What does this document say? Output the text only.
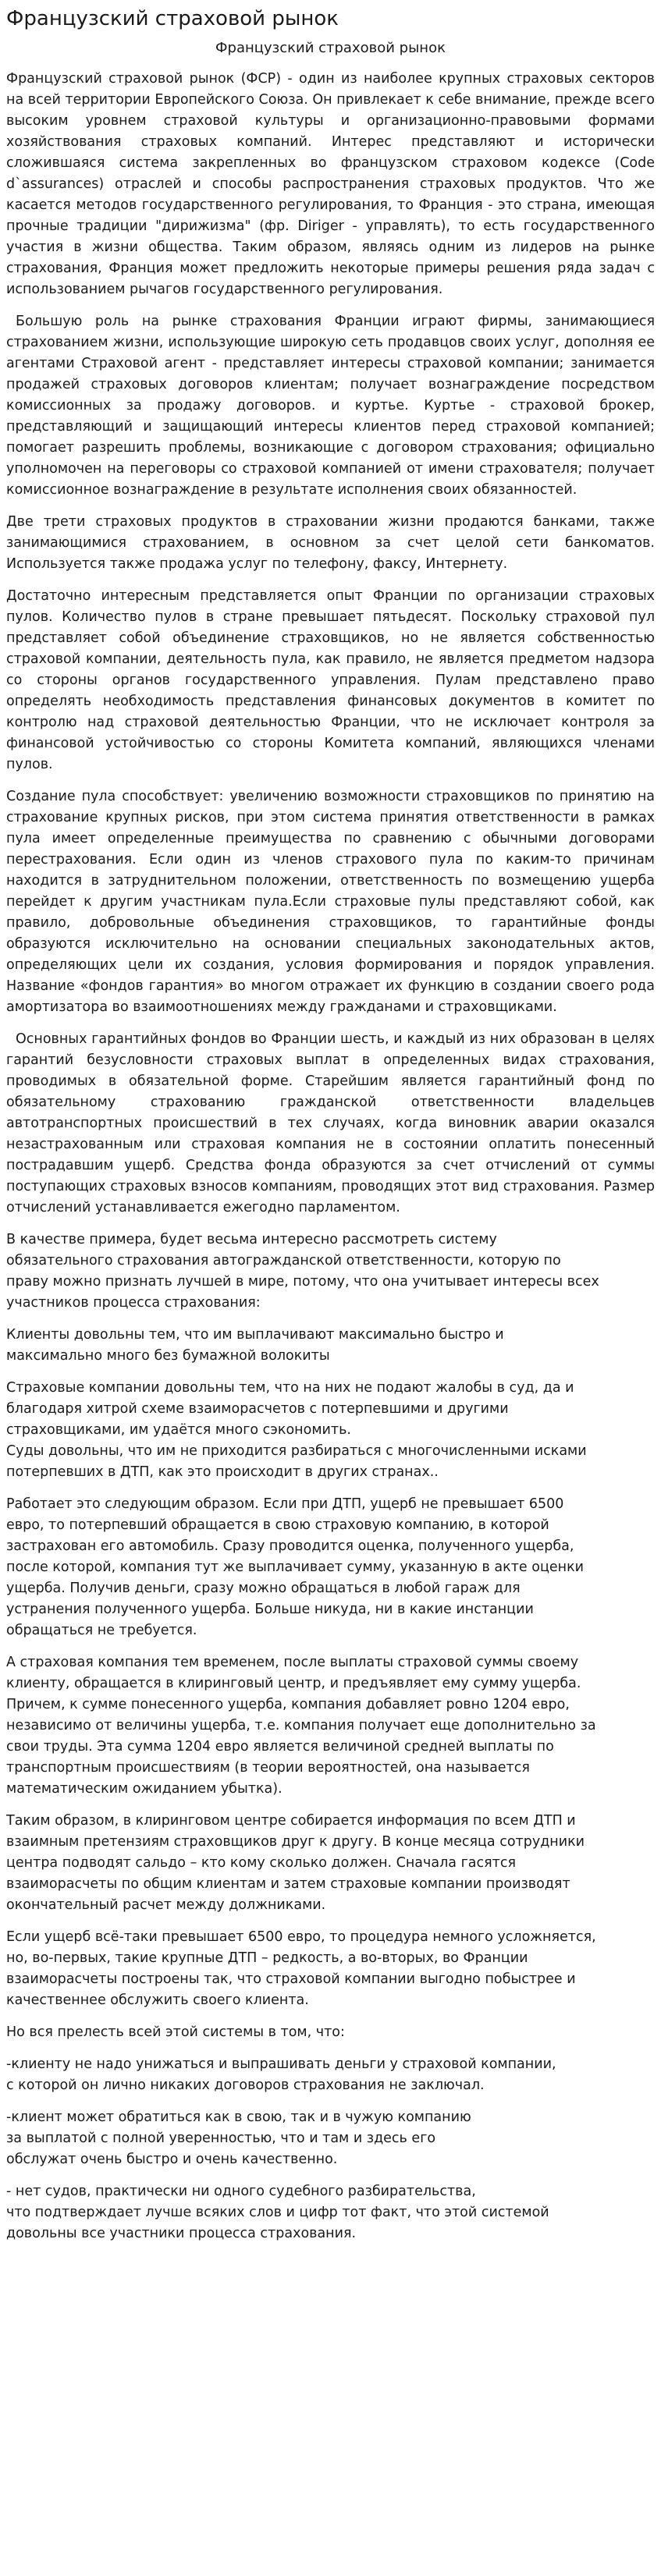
Французский страховой рынок
Французский страховой рынок

Французский страховой рынок (ФСР) - один из наиболее крупных страховых секторов на всей территории Европейского Союза. Он привлекает к себе внимание, прежде всего высоким уровнем страховой культуры и организационно-правовыми формами хозяйствования страховых компаний. Интерес представляют и исторически сложившаяся система закрепленных во французском страховом кодексе (Code d`assurances) отраслей и способы распространения страховых продуктов. Что же касается методов государственного регулирования, то Франция - это страна, имеющая прочные традиции "дирижизма" (фр. Diriger - управлять), то есть государственного участия в жизни общества. Таким образом, являясь одним из лидеров на рынке страхования, Франция может предложить некоторые примеры решения ряда задач с использованием рычагов государственного регулирования.

Большую роль на рынке страхования Франции играют фирмы, занимающиеся страхованием жизни, использующие широкую сеть продавцов своих услуг, дополняя ее агентами Страховой агент - представляет интересы страховой компании; занимается продажей страховых договоров клиентам; получает вознаграждение посредством комиссионных за продажу договоров. и куртье. Куртье - страховой брокер, представляющий и защищающий интересы клиентов перед страховой компанией; помогает разрешить проблемы, возникающие с договором страхования; официально уполномочен на переговоры со страховой компанией от имени страхователя; получает комиссионное вознаграждение в результате исполнения своих обязанностей.

Две трети страховых продуктов в страховании жизни продаются банками, также занимающимися страхованием, в основном за счет целой сети банкоматов. Используется также продажа услуг по телефону, факсу, Интернету.

Достаточно интересным представляется опыт Франции по организации страховых пулов. Количество пулов в стране превышает пятьдесят. Поскольку страховой пул представляет собой объединение страховщиков, но не является собственностью страховой компании, деятельность пула, как правило, не является предметом надзора со стороны органов государственного управления. Пулам представлено право определять необходимость представления финансовых документов в комитет по контролю над страховой деятельностью Франции, что не исключает контроля за финансовой устойчивостью со стороны Комитета компаний, являющихся членами пулов.

Создание пула способствует: увеличению возможности страховщиков по принятию на страхование крупных рисков, при этом система принятия ответственности в рамках пула имеет определенные преимущества по сравнению с обычными договорами перестрахования. Если один из членов страхового пула по каким-то причинам находится в затруднительном положении, ответственность по возмещению ущерба перейдет к другим участникам пула.Если страховые пулы представляют собой, как правило, добровольные объединения страховщиков, то гарантийные фонды образуются исключительно на основании специальных законодательных актов, определяющих цели их создания, условия формирования и порядок управления. Название «фондов гарантия» во многом отражает их функцию в создании своего рода амортизатора во взаимоотношениях между гражданами и страховщиками.

Основных гарантийных фондов во Франции шесть, и каждый из них образован в целях гарантий безусловности страховых выплат в определенных видах страхования, проводимых в обязательной форме. Старейшим является гарантийный фонд по обязательному страхованию гражданской ответственности владельцев автотранспортных происшествий в тех случаях, когда виновник аварии оказался незастрахованным или страховая компания не в состоянии оплатить понесенный пострадавшим ущерб. Средства фонда образуются за счет отчислений от суммы поступающих страховых взносов компаниям, проводящих этот вид страхования. Размер отчислений устанавливается ежегодно парламентом.

В качестве примера, будет весьма интересно рассмотреть систему
обязательного страхования автогражданской ответственности, которую по
праву можно признать лучшей в мире, потому, что она учитывает интересы всех
участников процесса страхования:

Клиенты довольны тем, что им выплачивают максимально быстро и
максимально много без бумажной волокиты

Страховые компании довольны тем, что на них не подают жалобы в суд, да и
благодаря хитрой схеме взаиморасчетов с потерпевшими и другими
страховщиками, им удаётся много сэкономить.
Суды довольны, что им не приходится разбираться с многочисленными исками
потерпевших в ДТП, как это происходит в других странах..

Работает это следующим образом. Если при ДТП, ущерб не превышает 6500
евро, то потерпевший обращается в свою страховую компанию, в которой
застрахован его автомобиль. Сразу проводится оценка, полученного ущерба,
после которой, компания тут же выплачивает сумму, указанную в акте оценки
ущерба. Получив деньги, сразу можно обращаться в любой гараж для
устранения полученного ущерба. Больше никуда, ни в какие инстанции
обращаться не требуется.

А страховая компания тем временем, после выплаты страховой суммы своему
клиенту, обращается в клиринговый центр, и предъявляет ему сумму ущерба.
Причем, к сумме понесенного ущерба, компания добавляет ровно 1204 евро,
независимо от величины ущерба, т.е. компания получает еще дополнительно за
свои труды. Эта сумма 1204 евро является величиной средней выплаты по
транспортным происшествиям (в теории вероятностей, она называется
математическим ожиданием убытка).

Таким образом, в клиринговом центре собирается информация по всем ДТП и
взаимным претензиям страховщиков друг к другу. В конце месяца сотрудники
центра подводят сальдо – кто кому сколько должен. Сначала гасятся
взаиморасчеты по общим клиентам и затем страховые компании производят
окончательный расчет между должниками.

Если ущерб всё-таки превышает 6500 евро, то процедура немного усложняется,
но, во-первых, такие крупные ДТП – редкость, а во-вторых, во Франции
взаиморасчеты построены так, что страховой компании выгодно побыстрее и
качественнее обслужить своего клиента.

Но вся прелесть всей этой системы в том, что:

-клиенту не надо унижаться и выпрашивать деньги у страховой компании,
с которой он лично никаких договоров страхования не заключал.

-клиент может обратиться как в свою, так и в чужую компанию
за выплатой с полной уверенностью, что и там и здесь его
обслужат очень быстро и очень качественно.

- нет судов, практически ни одного судебного разбирательства,
что подтверждает лучше всяких слов и цифр тот факт, что этой системой
довольны все участники процесса страхования.
